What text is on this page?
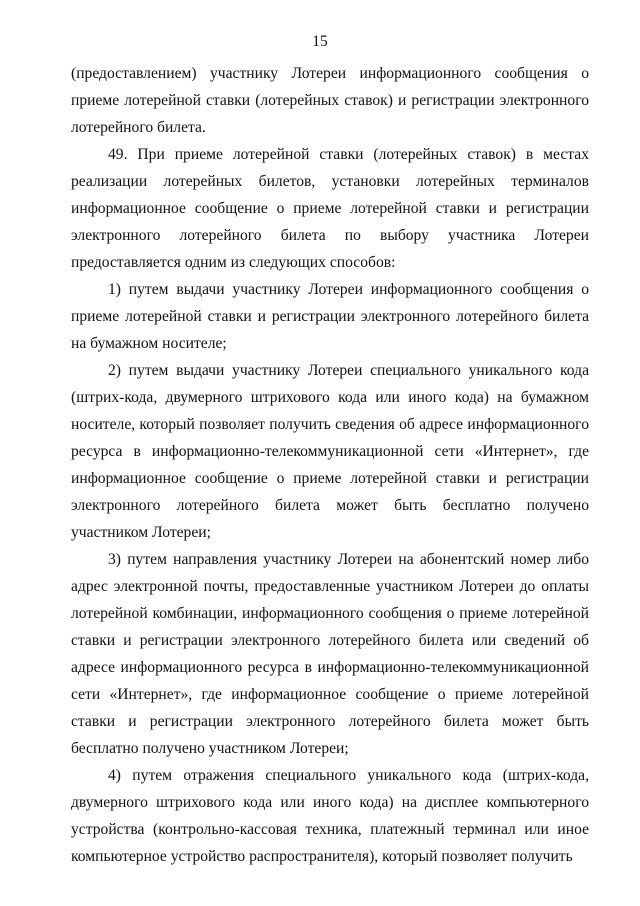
15

(предоставлением) участнику Лотереи информационного сообщения о приеме лотерейной ставки (лотерейных ставок) и регистрации электронного лотерейного билета.

49. При приеме лотерейной ставки (лотерейных ставок) в местах реализации лотерейных билетов, установки лотерейных терминалов информационное сообщение о приеме лотерейной ставки и регистрации электронного лотерейного билета по выбору участника Лотереи предоставляется одним из следующих способов:

1) путем выдачи участнику Лотереи информационного сообщения о приеме лотерейной ставки и регистрации электронного лотерейного билета на бумажном носителе;

2) путем выдачи участнику Лотереи специального уникального кода (штрих-кода, двумерного штрихового кода или иного кода) на бумажном носителе, который позволяет получить сведения об адресе информационного ресурса в информационно-телекоммуникационной сети «Интернет», где информационное сообщение о приеме лотерейной ставки и регистрации электронного лотерейного билета может быть бесплатно получено участником Лотереи;

3) путем направления участнику Лотереи на абонентский номер либо адрес электронной почты, предоставленные участником Лотереи до оплаты лотерейной комбинации, информационного сообщения о приеме лотерейной ставки и регистрации электронного лотерейного билета или сведений об адресе информационного ресурса в информационно-телекоммуникационной сети «Интернет», где информационное сообщение о приеме лотерейной ставки и регистрации электронного лотерейного билета может быть бесплатно получено участником Лотереи;

4) путем отражения специального уникального кода (штрих-кода, двумерного штрихового кода или иного кода) на дисплее компьютерного устройства (контрольно-кассовая техника, платежный терминал или иное компьютерное устройство распространителя), который позволяет получить
